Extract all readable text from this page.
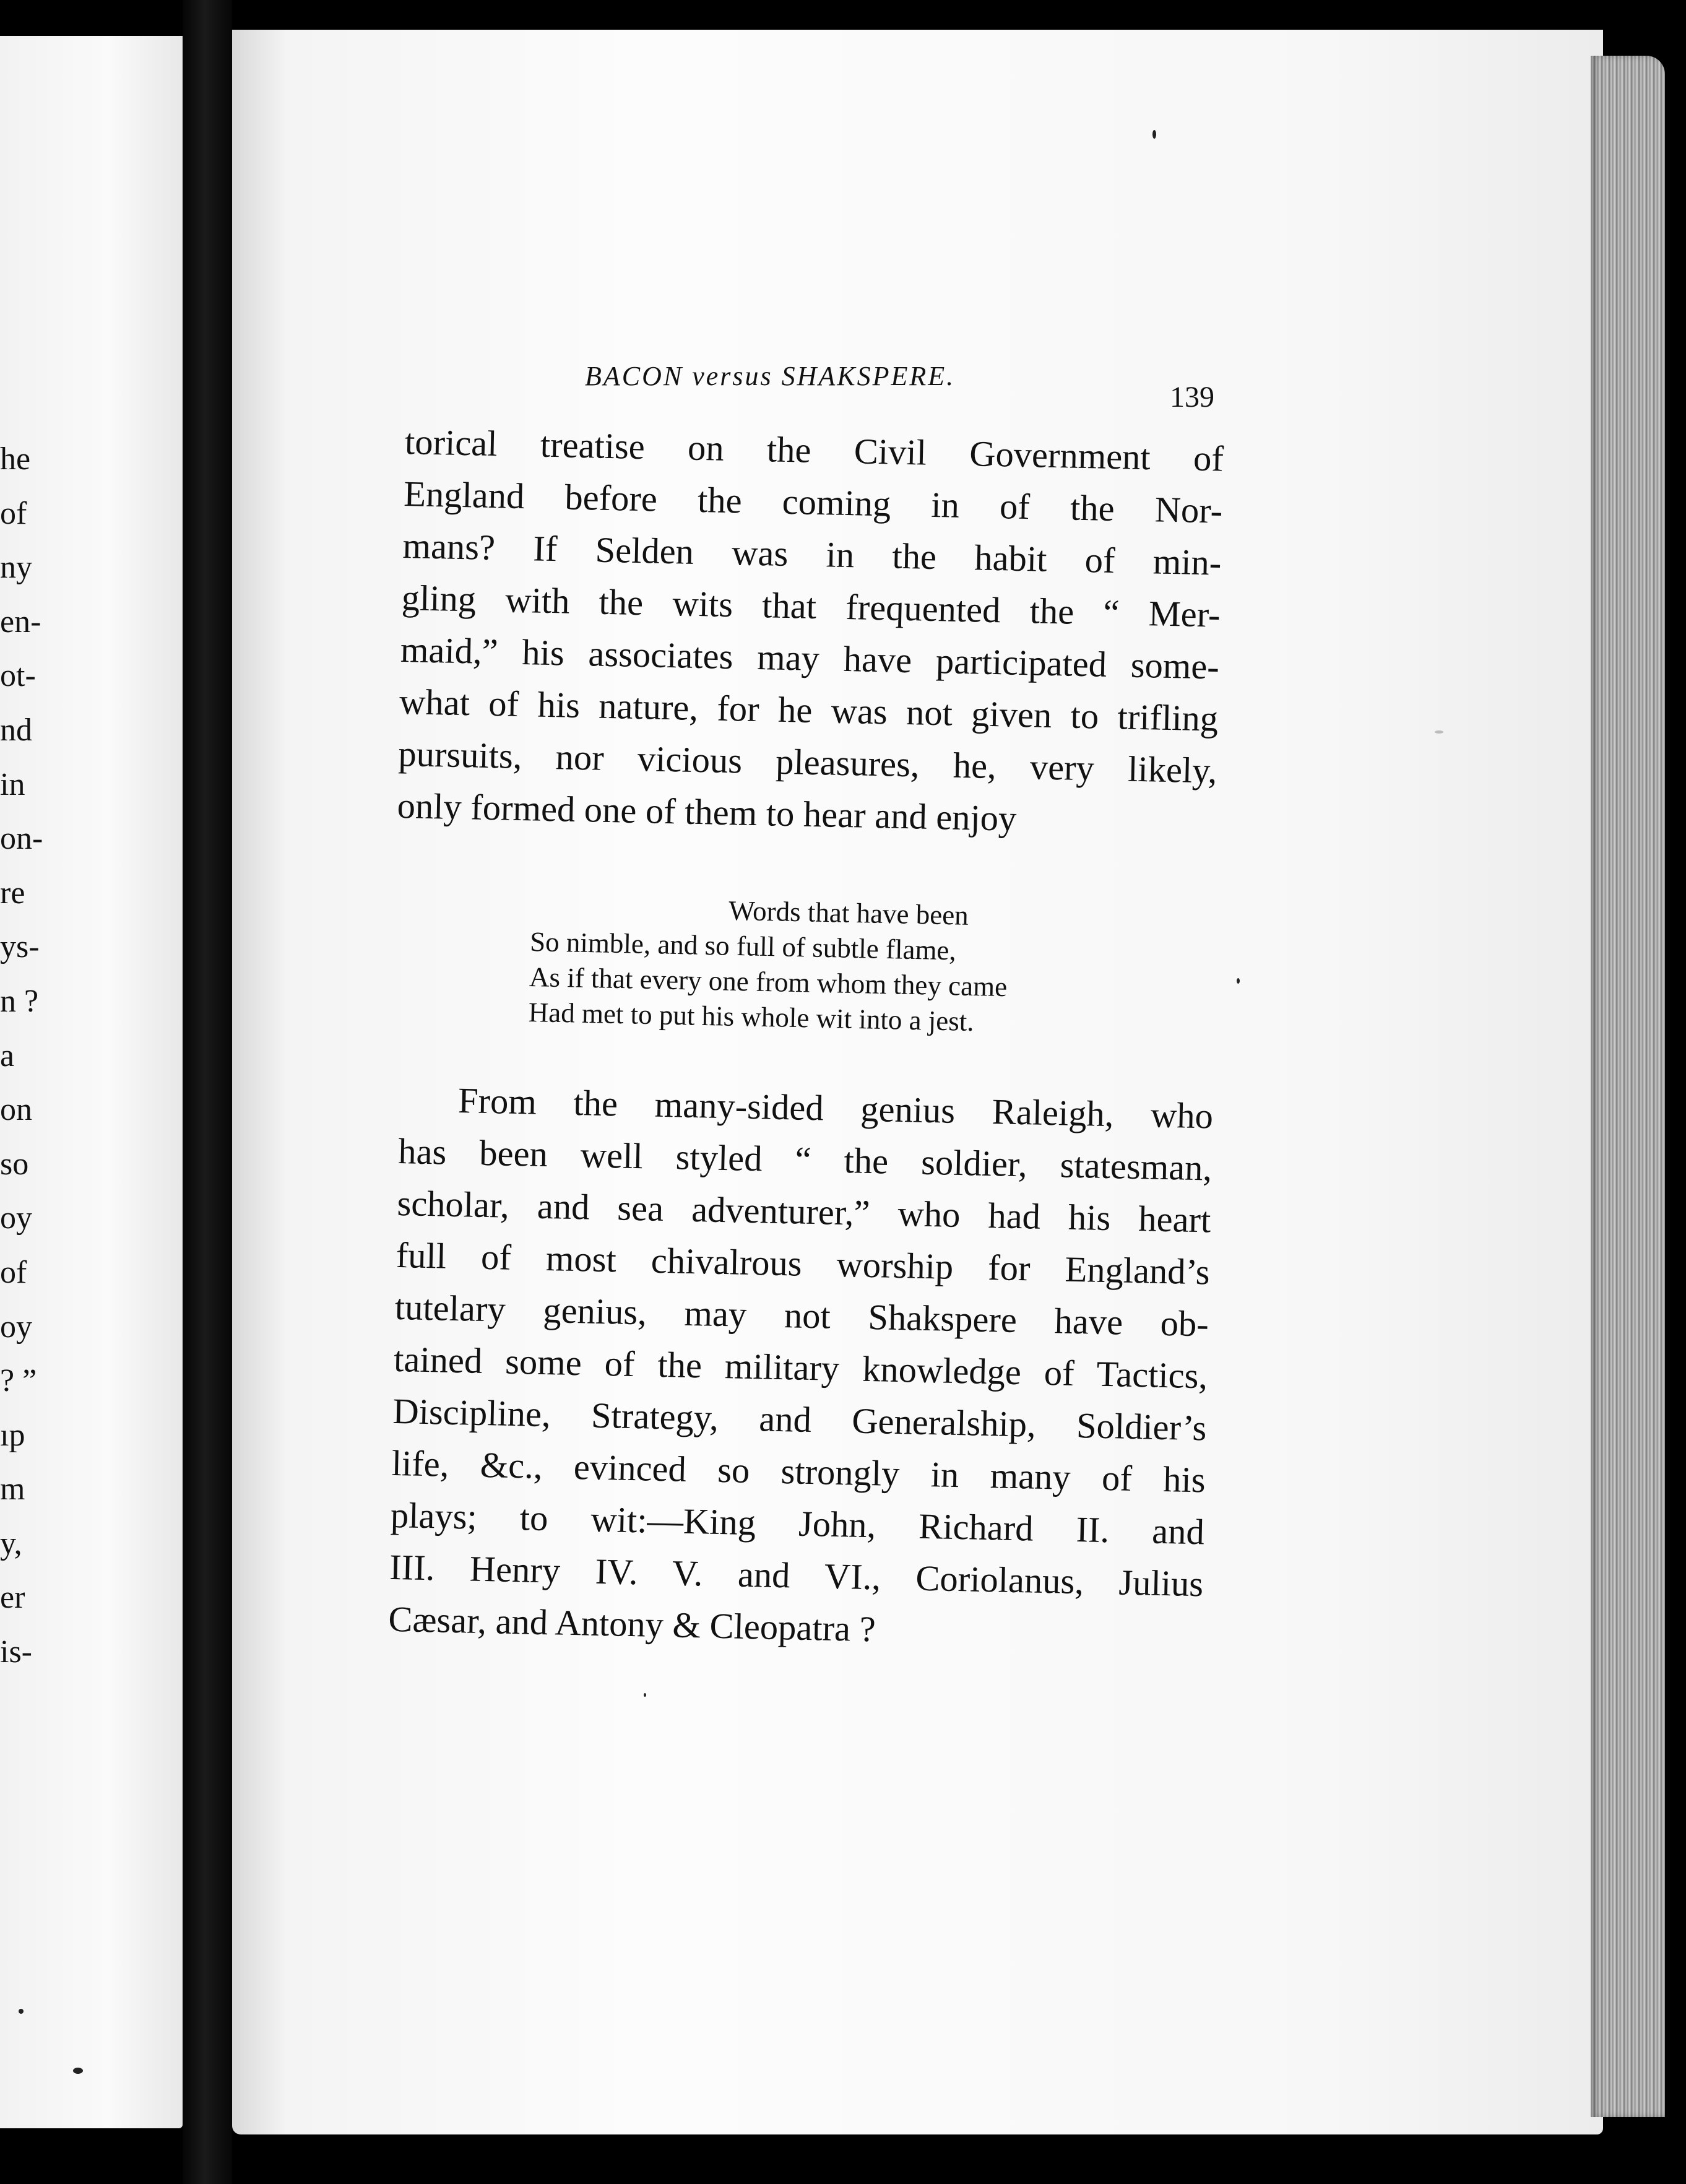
he
of
ny
en-
ot-
nd
in
on-
re
ys-
n ?
a
on
so
oy
of
oy
? ”
ıp
m
y,
er
is-
BACON versus SHAKSPERE.
139
torical treatise on the Civil Government of
England before the coming in of the Nor-
mans? If Selden was in the habit of min-
gling with the wits that frequented the “ Mer-
maid,” his associates may have participated some-
what of his nature, for he was not given to trifling
pursuits, nor vicious pleasures, he, very likely,
only formed one of them to hear and enjoy
Words that have been
So nimble, and so full of subtle flame,
As if that every one from whom they came
Had met to put his whole wit into a jest.
From the many-sided genius Raleigh, who
has been well styled “ the soldier, statesman,
scholar, and sea adventurer,” who had his heart
full of most chivalrous worship for England’s
tutelary genius, may not Shakspere have ob-
tained some of the military knowledge of Tactics,
Discipline, Strategy, and Generalship, Soldier’s
life, &c., evinced so strongly in many of his
plays; to wit:—King John, Richard II. and
III. Henry IV. V. and VI., Coriolanus, Julius
Cæsar, and Antony & Cleopatra ?
